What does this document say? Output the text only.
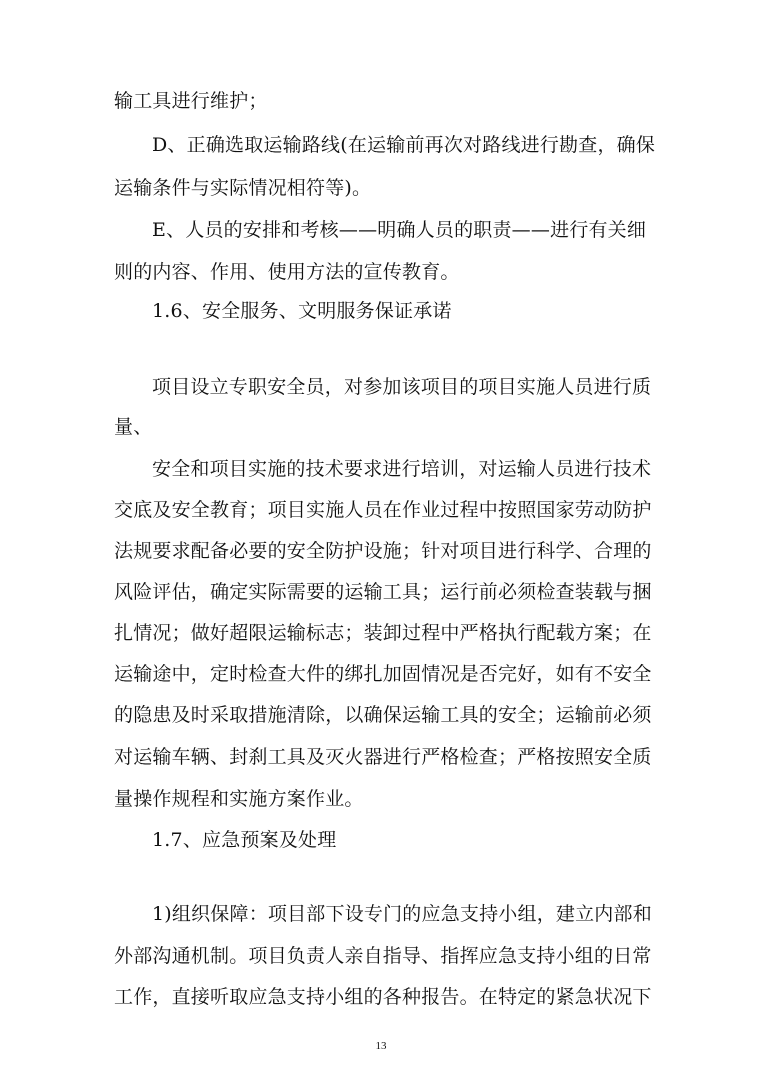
输工具进行维护；
D、正确选取运输路线(在运输前再次对路线进行勘查，确保
运输条件与实际情况相符等)。
E、人员的安排和考核——明确人员的职责——进行有关细
则的内容、作用、使用方法的宣传教育。
1.6、安全服务、文明服务保证承诺
项目设立专职安全员，对参加该项目的项目实施人员进行质
量、
安全和项目实施的技术要求进行培训，对运输人员进行技术
交底及安全教育；项目实施人员在作业过程中按照国家劳动防护
法规要求配备必要的安全防护设施；针对项目进行科学、合理的
风险评估，确定实际需要的运输工具；运行前必须检查装载与捆
扎情况；做好超限运输标志；装卸过程中严格执行配载方案；在
运输途中，定时检查大件的绑扎加固情况是否完好，如有不安全
的隐患及时采取措施清除，以确保运输工具的安全；运输前必须
对运输车辆、封刹工具及灭火器进行严格检查；严格按照安全质
量操作规程和实施方案作业。
1.7、应急预案及处理
1)组织保障：项目部下设专门的应急支持小组，建立内部和
外部沟通机制。项目负责人亲自指导、指挥应急支持小组的日常
工作，直接听取应急支持小组的各种报告。在特定的紧急状况下
13
